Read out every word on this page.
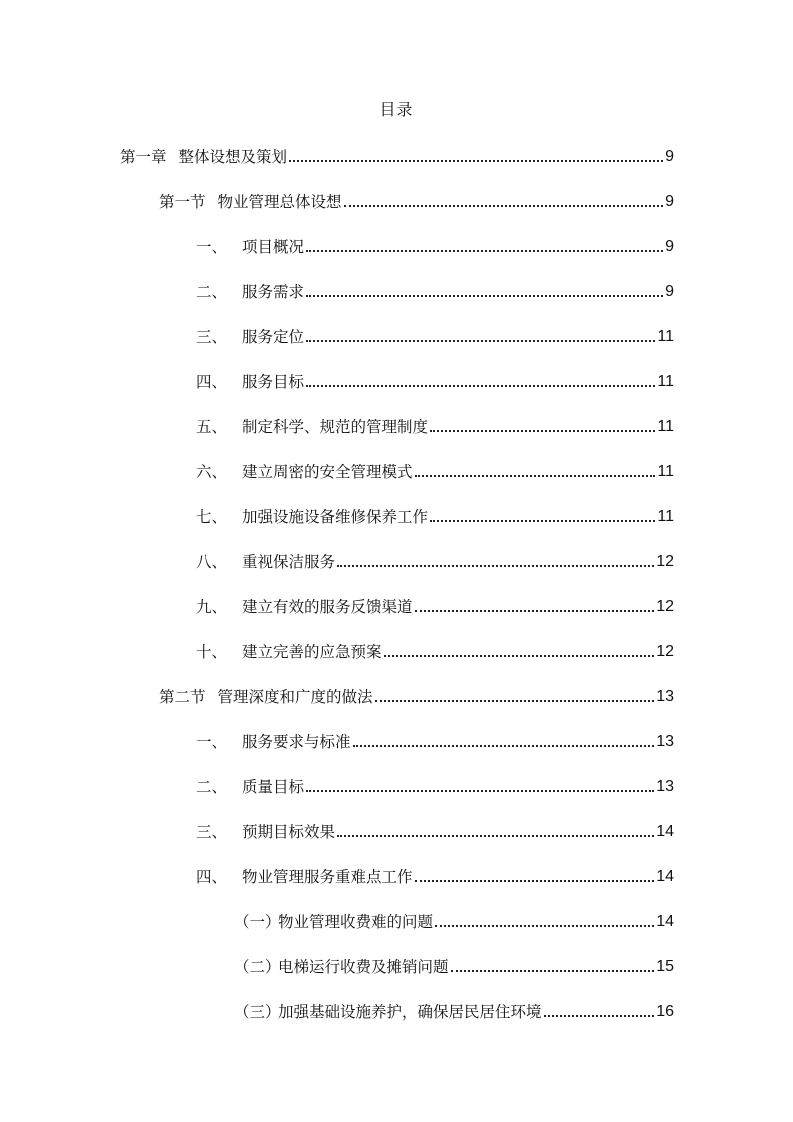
目录
第一章 整体设想及策划	9
第一节 物业管理总体设想	9
一、 项目概况	9
二、 服务需求	9
三、 服务定位	11
四、 服务目标	11
五、 制定科学、规范的管理制度	11
六、 建立周密的安全管理模式	11
七、 加强设施设备维修保养工作	11
八、 重视保洁服务	12
九、 建立有效的服务反馈渠道	12
十、 建立完善的应急预案	12
第二节 管理深度和广度的做法	13
一、 服务要求与标准	13
二、 质量目标	13
三、 预期目标效果	14
四、 物业管理服务重难点工作	14
（一）物业管理收费难的问题	14
（二）电梯运行收费及摊销问题	15
（三）加强基础设施养护，确保居民居住环境	16
